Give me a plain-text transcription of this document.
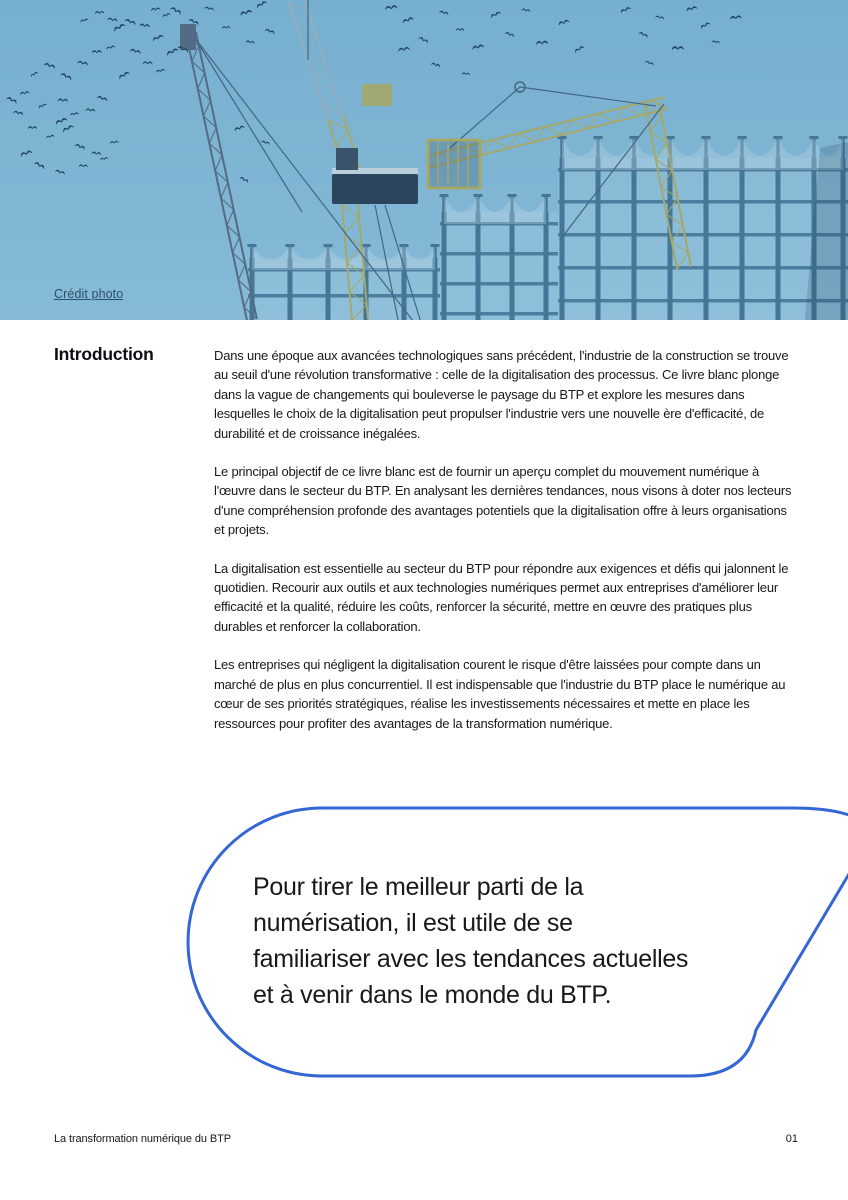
Crédit photo
Introduction	Dans une époque aux avancées technologiques sans précédent, l'industrie de la construction se trouve au seuil d'une révolution transformative : celle de la digitalisation des processus. Ce livre blanc plonge dans la vague de changements qui bouleverse le paysage du BTP et explore les mesures dans lesquelles le choix de la digitalisation peut propulser l'industrie vers une nouvelle ère d'efficacité, de durabilité et de croissance inégalées.

Le principal objectif de ce livre blanc est de fournir un aperçu complet du mouvement numérique à l'œuvre dans le secteur du BTP. En analysant les dernières tendances, nous visons à doter nos lecteurs d'une compréhension profonde des avantages potentiels que la digitalisation offre à leurs organisations et projets.

La digitalisation est essentielle au secteur du BTP pour répondre aux exigences et défis qui jalonnent le quotidien. Recourir aux outils et aux technologies numériques permet aux entreprises d'améliorer leur efficacité et la qualité, réduire les coûts, renforcer la sécurité, mettre en œuvre des pratiques plus durables et renforcer la collaboration.

Les entreprises qui négligent la digitalisation courent le risque d'être laissées pour compte dans un marché de plus en plus concurrentiel. Il est indispensable que l'industrie du BTP place le numérique au cœur de ses priorités stratégiques, réalise les investissements nécessaires et mette en place les ressources pour profiter des avantages de la transformation numérique.

Pour tirer le meilleur parti de la
numérisation, il est utile de se
familiariser avec les tendances actuelles
et à venir dans le monde du BTP.
La transformation numérique du BTP	01
